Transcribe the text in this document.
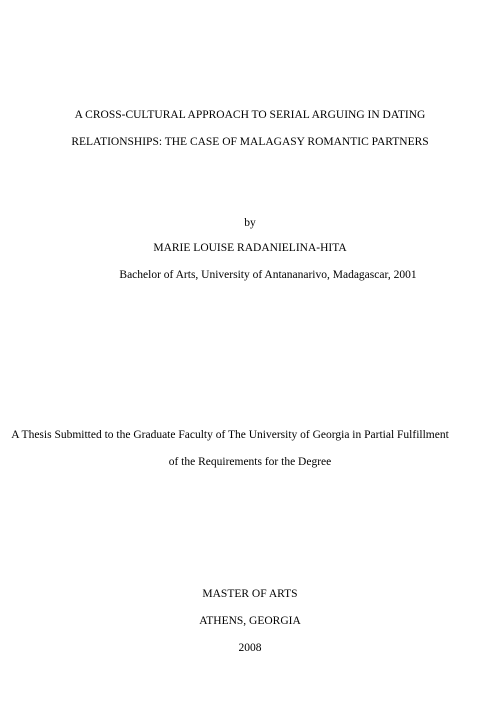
A CROSS-CULTURAL APPROACH TO SERIAL ARGUING IN DATING
RELATIONSHIPS: THE CASE OF MALAGASY ROMANTIC PARTNERS
by
MARIE LOUISE RADANIELINA-HITA
Bachelor of Arts, University of Antananarivo, Madagascar, 2001
A Thesis Submitted to the Graduate Faculty of The University of Georgia in Partial Fulfillment
of the Requirements for the Degree
MASTER OF ARTS
ATHENS, GEORGIA
2008
